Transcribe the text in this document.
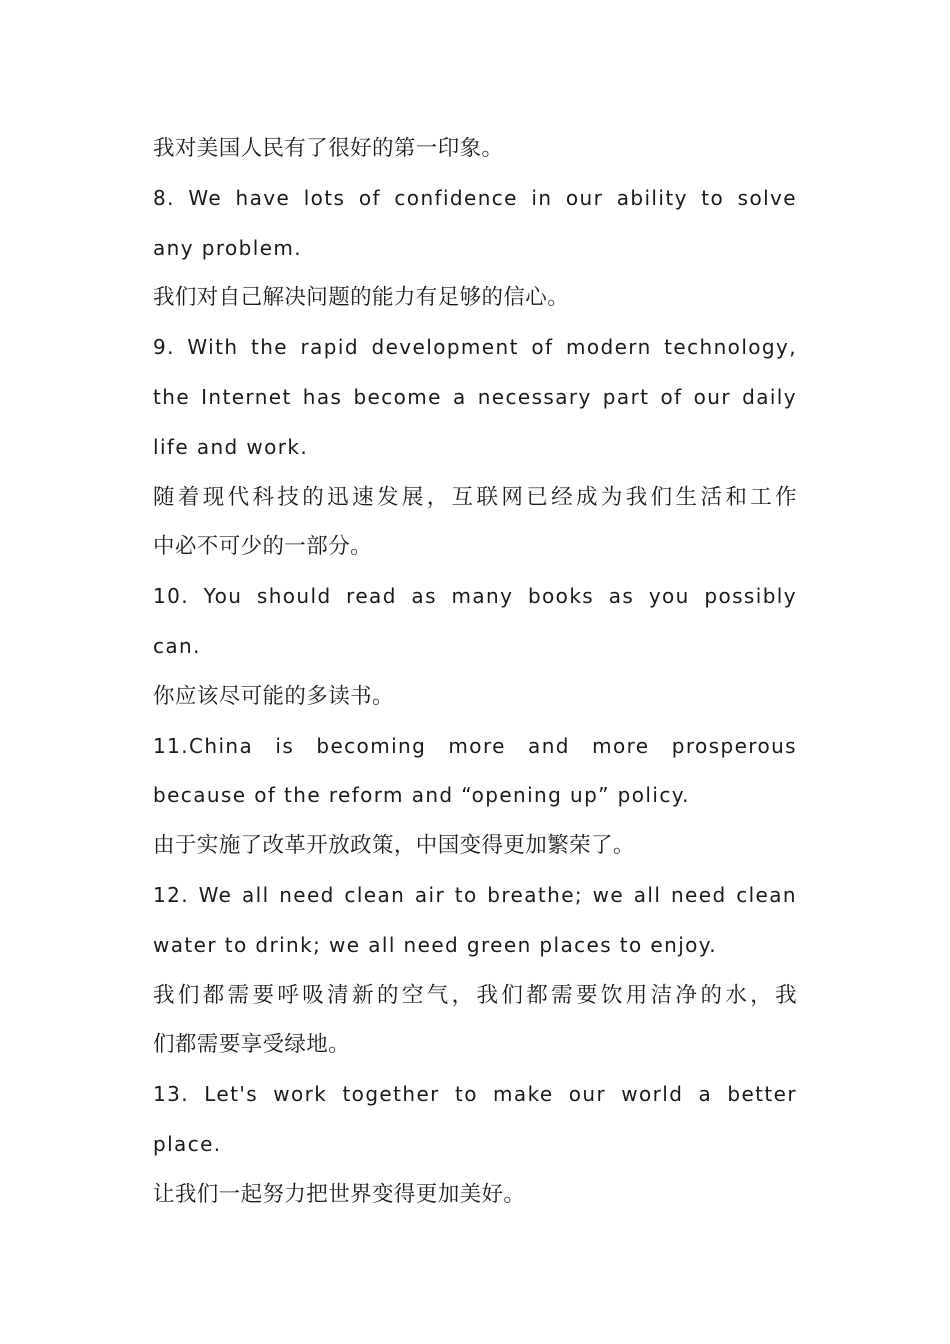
我对美国人民有了很好的第一印象。
8. We have lots of confidence in our ability to solve
any problem.
我们对自己解决问题的能力有足够的信心。
9. With the rapid development of modern technology,
the Internet has become a necessary part of our daily
life and work.
随着现代科技的迅速发展，互联网已经成为我们生活和工作
中必不可少的一部分。
10. You should read as many books as you possibly
can.
你应该尽可能的多读书。
11.China is becoming more and more prosperous
because of the reform and “opening up” policy.
由于实施了改革开放政策，中国变得更加繁荣了。
12. We all need clean air to breathe; we all need clean
water to drink; we all need green places to enjoy.
我们都需要呼吸清新的空气，我们都需要饮用洁净的水，我
们都需要享受绿地。
13. Let's work together to make our world a better
place.
让我们一起努力把世界变得更加美好。
